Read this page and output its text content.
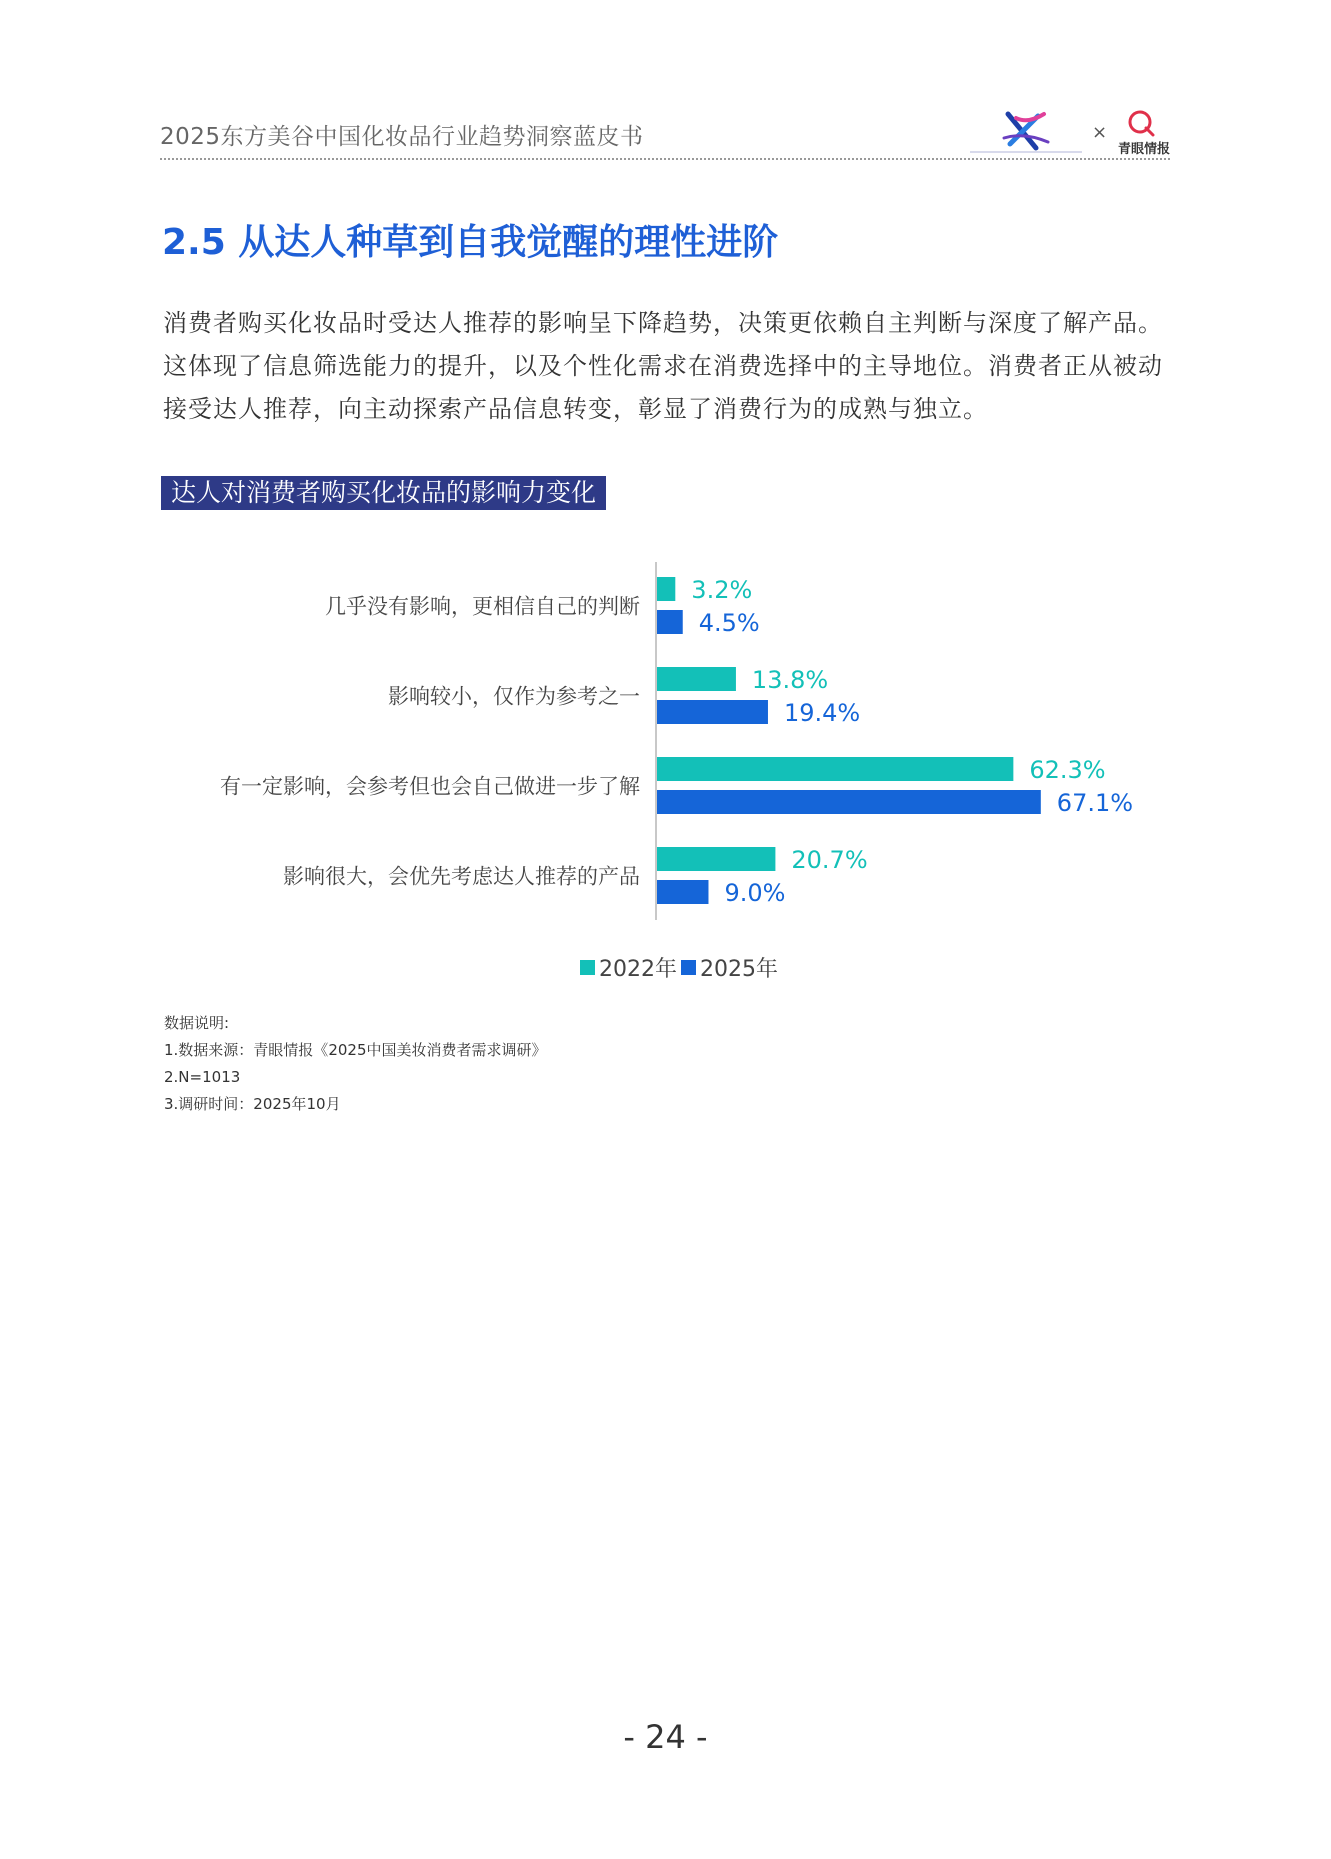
2025东方美谷中国化妆品行业趋势洞察蓝皮书	×
青眼情报
2.5 从达人种草到自我觉醒的理性进阶
消费者购买化妆品时受达人推荐的影响呈下降趋势，决策更依赖自主判断与深度了解产品。
这体现了信息筛选能力的提升，以及个性化需求在消费选择中的主导地位。消费者正从被动
接受达人推荐，向主动探索产品信息转变，彰显了消费行为的成熟与独立。
达人对消费者购买化妆品的影响力变化
几乎没有影响，更相信自己的判断
3.2%
4.5%
影响较小，仅作为参考之一
13.8%
19.4%
有一定影响，会参考但也会自己做进一步了解
62.3%
67.1%
影响很大，会优先考虑达人推荐的产品
20.7%
9.0%
2022年 2025年
数据说明:
1.数据来源：青眼情报《2025中国美妆消费者需求调研》
2.N=1013
3.调研时间：2025年10月
- 24 -
